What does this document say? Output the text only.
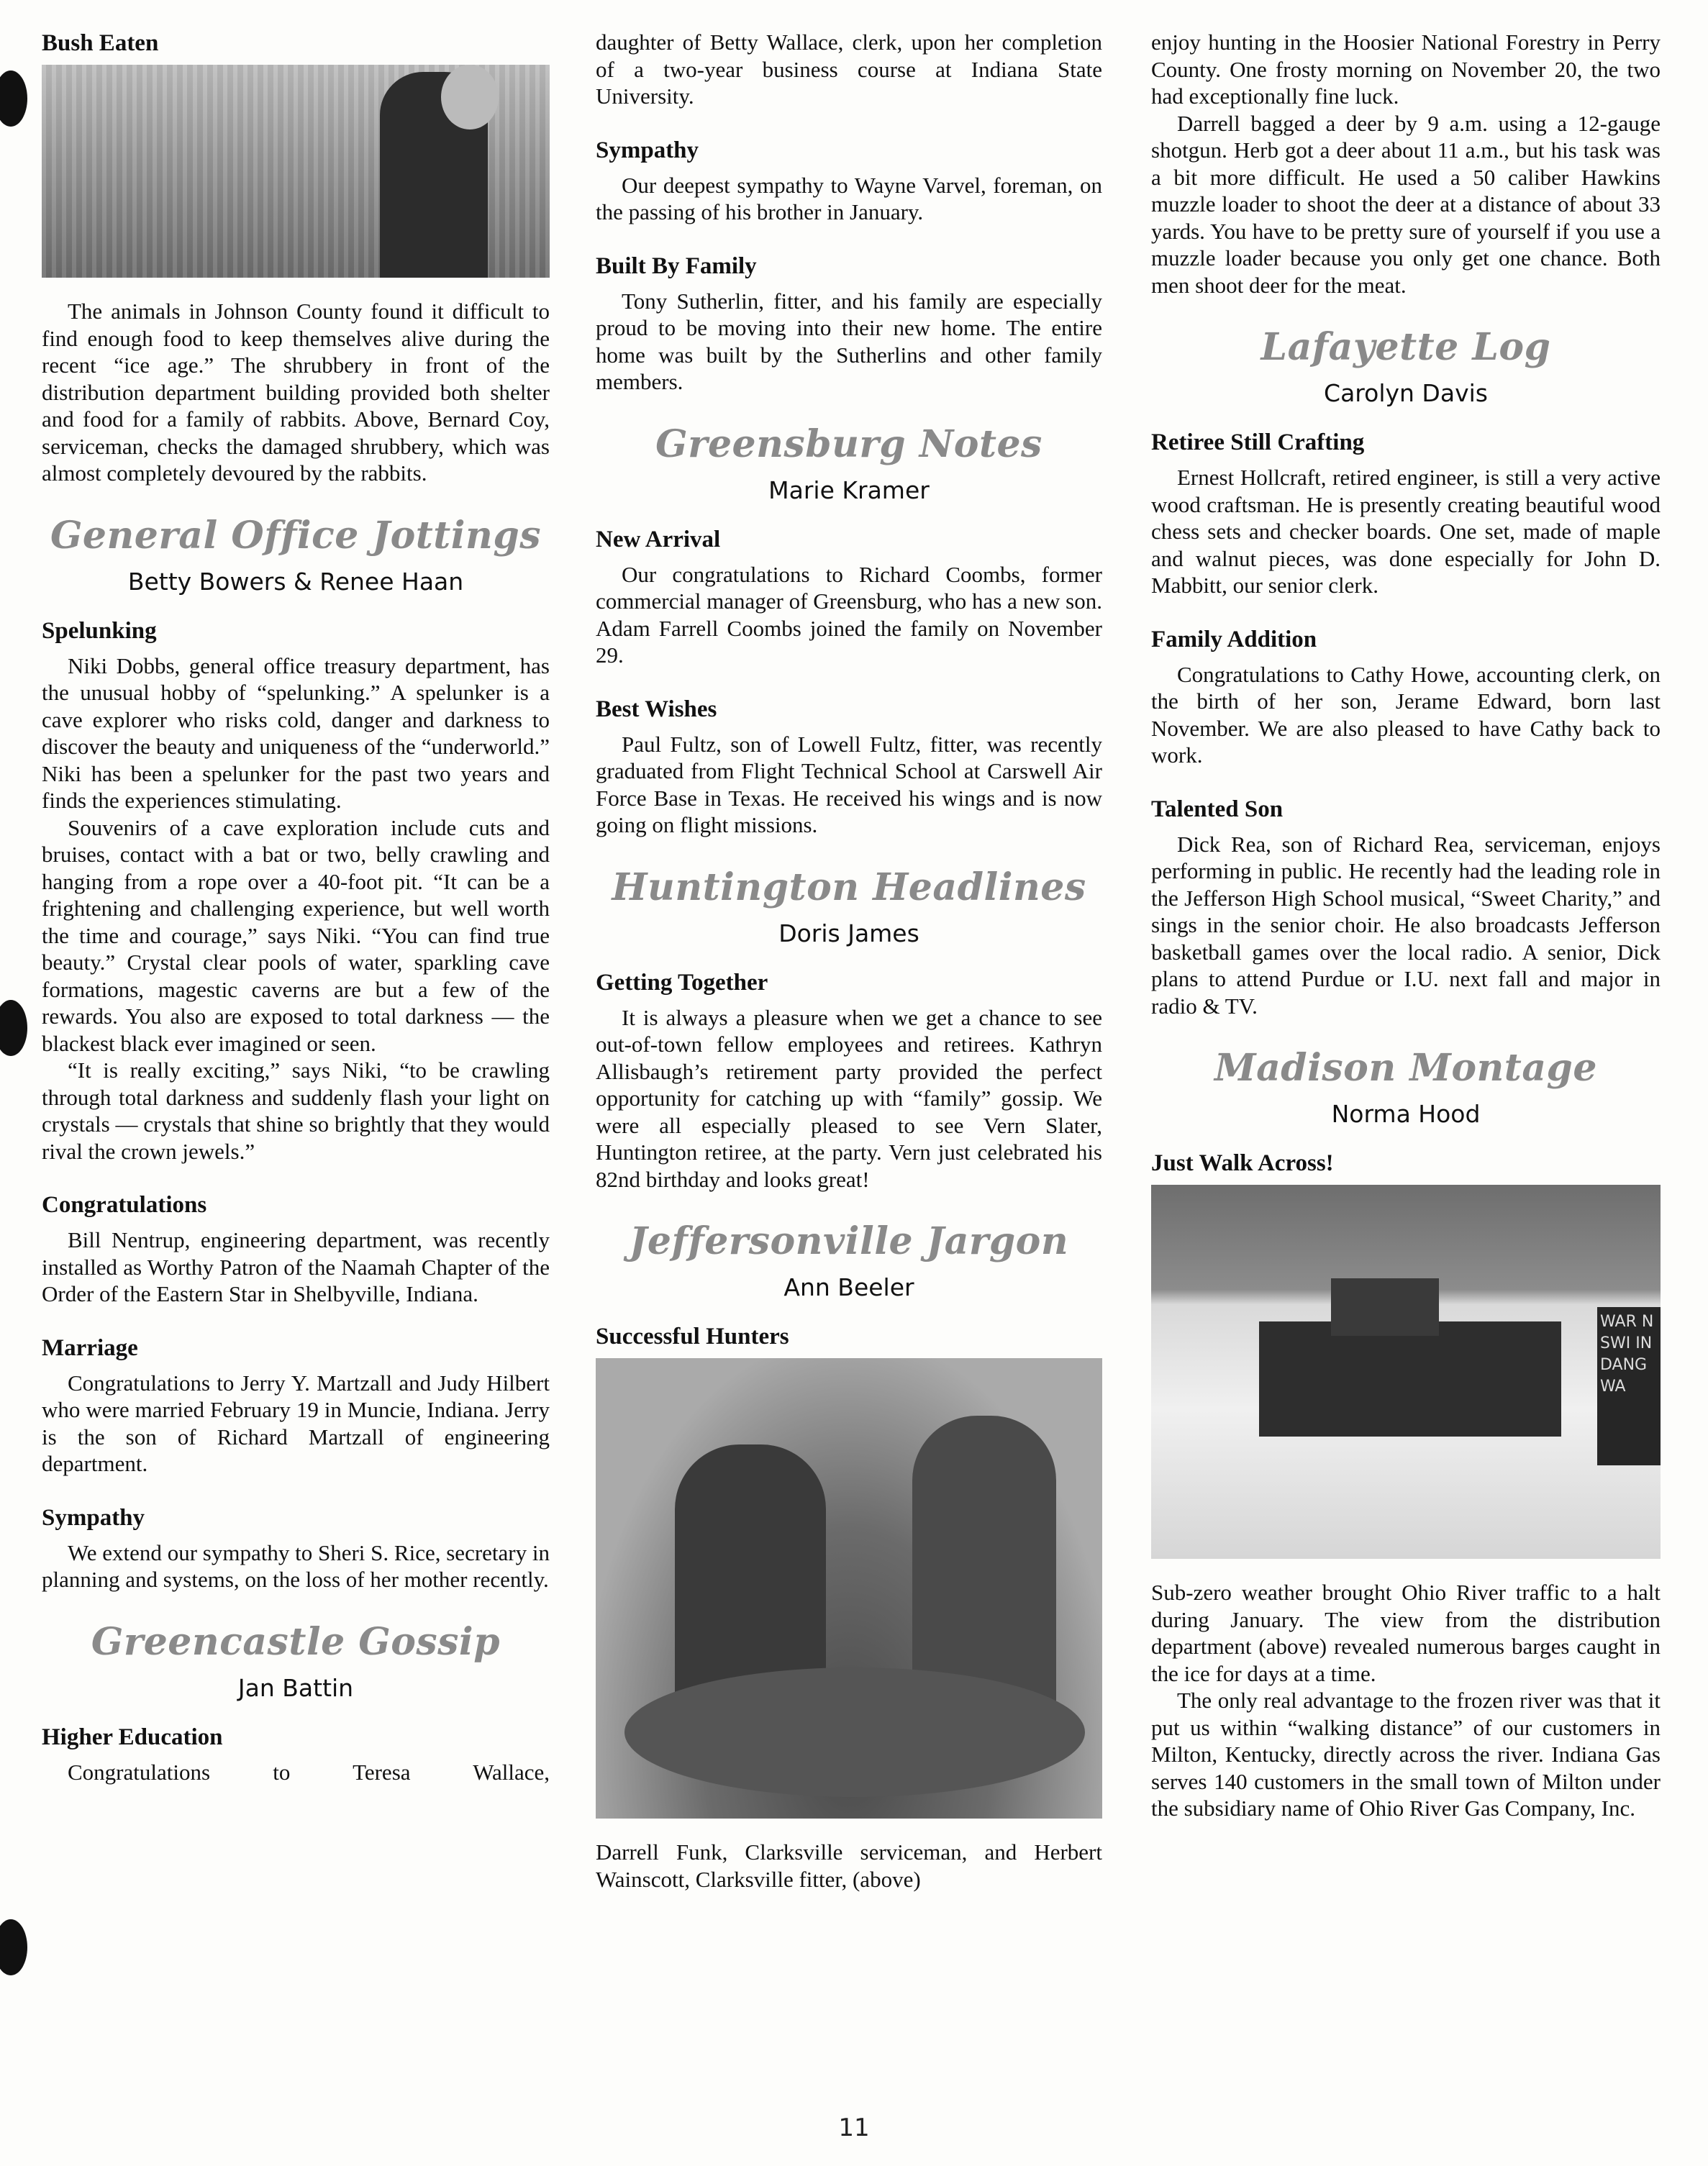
Bush Eaten

The animals in Johnson County found it difficult to find enough food to keep themselves alive during the recent “ice age.” The shrubbery in front of the distribution department building provided both shelter and food for a family of rabbits. Above, Bernard Coy, serviceman, checks the damaged shrubbery, which was almost completely devoured by the rabbits.

General Office Jottings
Betty Bowers & Renee Haan
Spelunking

Niki Dobbs, general office treasury department, has the unusual hobby of “spelunking.” A spelunker is a cave explorer who risks cold, danger and darkness to discover the beauty and uniqueness of the “underworld.” Niki has been a spelunker for the past two years and finds the experiences stimulating.

Souvenirs of a cave exploration include cuts and bruises, contact with a bat or two, belly crawling and hanging from a rope over a 40-foot pit. “It can be a frightening and challenging experience, but well worth the time and courage,” says Niki. “You can find true beauty.” Crystal clear pools of water, sparkling cave formations, magestic caverns are but a few of the rewards. You also are exposed to total darkness — the blackest black ever imagined or seen.

“It is really exciting,” says Niki, “to be crawling through total darkness and suddenly flash your light on crystals — crystals that shine so brightly that they would rival the crown jewels.”

Congratulations

Bill Nentrup, engineering department, was recently installed as Worthy Patron of the Naamah Chapter of the Order of the Eastern Star in Shelbyville, Indiana.

Marriage

Congratulations to Jerry Y. Martzall and Judy Hilbert who were married February 19 in Muncie, Indiana. Jerry is the son of Richard Martzall of engineering department.

Sympathy

We extend our sympathy to Sheri S. Rice, secretary in planning and systems, on the loss of her mother recently.

Greencastle Gossip
Jan Battin
Higher Education

Congratulations to Teresa Wallace,

daughter of Betty Wallace, clerk, upon her completion of a two-year business course at Indiana State University.

Sympathy

Our deepest sympathy to Wayne Varvel, foreman, on the passing of his brother in January.

Built By Family

Tony Sutherlin, fitter, and his family are especially proud to be moving into their new home. The entire home was built by the Sutherlins and other family members.

Greensburg Notes
Marie Kramer
New Arrival

Our congratulations to Richard Coombs, former commercial manager of Greensburg, who has a new son. Adam Farrell Coombs joined the family on November 29.

Best Wishes

Paul Fultz, son of Lowell Fultz, fitter, was recently graduated from Flight Technical School at Carswell Air Force Base in Texas. He received his wings and is now going on flight missions.

Huntington Headlines
Doris James
Getting Together

It is always a pleasure when we get a chance to see out-of-town fellow employees and retirees. Kathryn Allisbaugh’s retirement party provided the perfect opportunity for catching up with “family” gossip. We were all especially pleased to see Vern Slater, Huntington retiree, at the party. Vern just celebrated his 82nd birthday and looks great!

Jeffersonville Jargon
Ann Beeler
Successful Hunters

Darrell Funk, Clarksville serviceman, and Herbert Wainscott, Clarksville fitter, (above)

enjoy hunting in the Hoosier National Forestry in Perry County. One frosty morning on November 20, the two had exceptionally fine luck.

Darrell bagged a deer by 9 a.m. using a 12-gauge shotgun. Herb got a deer about 11 a.m., but his task was a bit more difficult. He used a 50 caliber Hawkins muzzle loader to shoot the deer at a distance of about 33 yards. You have to be pretty sure of yourself if you use a muzzle loader because you only get one chance. Both men shoot deer for the meat.

Lafayette Log
Carolyn Davis
Retiree Still Crafting

Ernest Hollcraft, retired engineer, is still a very active wood craftsman. He is presently creating beautiful wood chess sets and checker boards. One set, made of maple and walnut pieces, was done especially for John D. Mabbitt, our senior clerk.

Family Addition

Congratulations to Cathy Howe, accounting clerk, on the birth of her son, Jerame Edward, born last November. We are also pleased to have Cathy back to work.

Talented Son

Dick Rea, son of Richard Rea, serviceman, enjoys performing in public. He recently had the leading role in the Jefferson High School musical, “Sweet Charity,” and sings in the senior choir. He also broadcasts Jefferson basketball games over the local radio. A senior, Dick plans to attend Purdue or I.U. next fall and major in radio & TV.

Madison Montage
Norma Hood
Just Walk Across!
WAR N SWI IN DANG WA

Sub-zero weather brought Ohio River traffic to a halt during January. The view from the distribution department (above) revealed numerous barges caught in the ice for days at a time.

The only real advantage to the frozen river was that it put us within “walking distance” of our customers in Milton, Kentucky, directly across the river. Indiana Gas serves 140 customers in the small town of Milton under the subsidiary name of Ohio River Gas Company, Inc.

11
